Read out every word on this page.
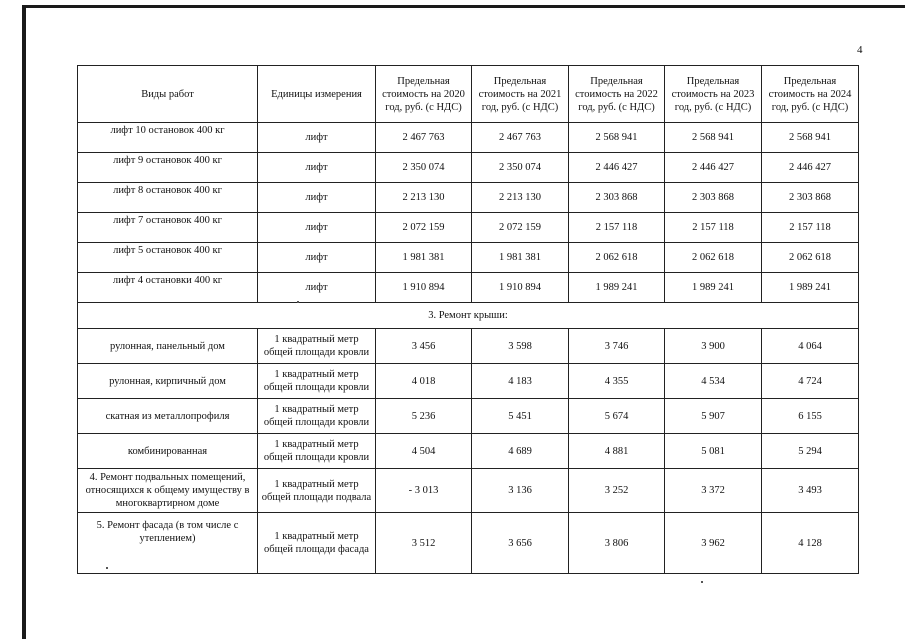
4
Виды работ	Единицы измерения	Предельная стоимость на 2020 год, руб. (с НДС)	Предельная стоимость на 2021 год, руб. (с НДС)	Предельная стоимость на 2022 год, руб. (с НДС)	Предельная стоимость на 2023 год, руб. (с НДС)	Предельная стоимость на 2024 год, руб. (с НДС)
лифт 10 остановок 400 кг	лифт	2 467 763	2 467 763	2 568 941	2 568 941	2 568 941
лифт 9 остановок 400 кг	лифт	2 350 074	2 350 074	2 446 427	2 446 427	2 446 427
лифт 8 остановок 400 кг	лифт	2 213 130	2 213 130	2 303 868	2 303 868	2 303 868
лифт 7 остановок 400 кг	лифт	2 072 159	2 072 159	2 157 118	2 157 118	2 157 118
лифт 5 остановок 400 кг	лифт	1 981 381	1 981 381	2 062 618	2 062 618	2 062 618
лифт 4 остановки 400 кг	лифт	1 910 894	1 910 894	1 989 241	1 989 241	1 989 241
3. Ремонт крыши:						
рулонная, панельный дом	1 квадратный метр общей площади кровли	3 456	3 598	3 746	3 900	4 064
рулонная, кирпичный дом	1 квадратный метр общей площади кровли	4 018	4 183	4 355	4 534	4 724
скатная из металлопрофиля	1 квадратный метр общей площади кровли	5 236	5 451	5 674	5 907	6 155
комбинированная	1 квадратный метр общей площади кровли	4 504	4 689	4 881	5 081	5 294
4. Ремонт подвальных помещений, относящихся к общему имуществу в многоквартирном доме	1 квадратный метр общей площади подвала	- 3 013	3 136	3 252	3 372	3 493
5. Ремонт фасада (в том числе с утеплением)	1 квадратный метр общей площади фасада	3 512	3 656	3 806	3 962	4 128
